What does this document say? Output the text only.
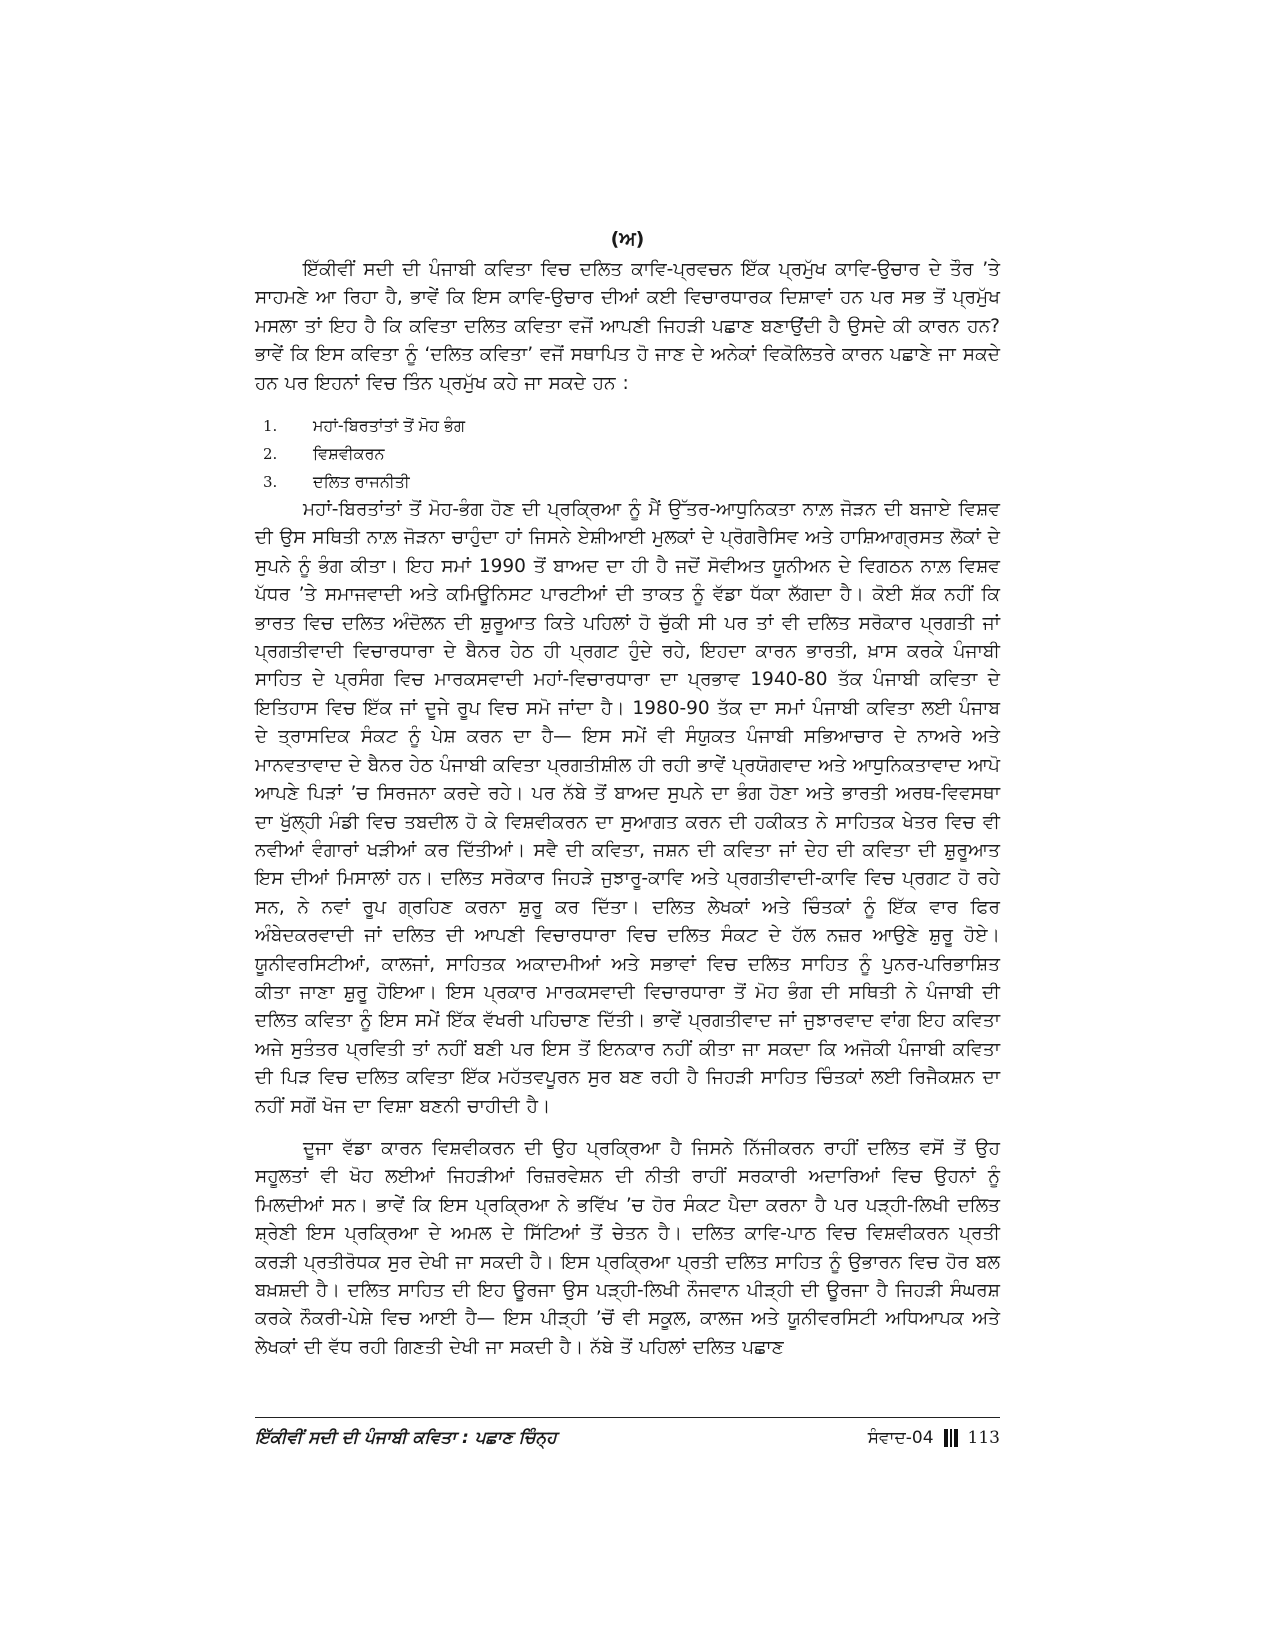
(ਅ)

ਇੱਕੀਵੀਂ ਸਦੀ ਦੀ ਪੰਜਾਬੀ ਕਵਿਤਾ ਵਿਚ ਦਲਿਤ ਕਾਵਿ-ਪ੍ਰਵਚਨ ਇੱਕ ਪ੍ਰਮੁੱਖ ਕਾਵਿ-ਉਚਾਰ ਦੇ ਤੌਰ ’ਤੇ ਸਾਹਮਣੇ ਆ ਰਿਹਾ ਹੈ, ਭਾਵੇਂ ਕਿ ਇਸ ਕਾਵਿ-ਉਚਾਰ ਦੀਆਂ ਕਈ ਵਿਚਾਰਧਾਰਕ ਦਿਸ਼ਾਵਾਂ ਹਨ ਪਰ ਸਭ ਤੋਂ ਪ੍ਰਮੁੱਖ ਮਸਲਾ ਤਾਂ ਇਹ ਹੈ ਕਿ ਕਵਿਤਾ ਦਲਿਤ ਕਵਿਤਾ ਵਜੋਂ ਆਪਣੀ ਜਿਹੜੀ ਪਛਾਣ ਬਣਾਉਂਦੀ ਹੈ ਉਸਦੇ ਕੀ ਕਾਰਨ ਹਨ? ਭਾਵੇਂ ਕਿ ਇਸ ਕਵਿਤਾ ਨੂੰ ‘ਦਲਿਤ ਕਵਿਤਾ’ ਵਜੋਂ ਸਥਾਪਿਤ ਹੋ ਜਾਣ ਦੇ ਅਨੇਕਾਂ ਵਿਕੋਲਿਤਰੇ ਕਾਰਨ ਪਛਾਣੇ ਜਾ ਸਕਦੇ ਹਨ ਪਰ ਇਹਨਾਂ ਵਿਚ ਤਿੰਨ ਪ੍ਰਮੁੱਖ ਕਹੇ ਜਾ ਸਕਦੇ ਹਨ :

1.	ਮਹਾਂ-ਬਿਰਤਾਂਤਾਂ ਤੋਂ ਮੋਹ ਭੰਗ
2.	ਵਿਸ਼ਵੀਕਰਨ
3.	ਦਲਿਤ ਰਾਜਨੀਤੀ

ਮਹਾਂ-ਬਿਰਤਾਂਤਾਂ ਤੋਂ ਮੋਹ-ਭੰਗ ਹੋਣ ਦੀ ਪ੍ਰਕ੍ਰਿਆ ਨੂੰ ਮੈਂ ਉੱਤਰ-ਆਧੁਨਿਕਤਾ ਨਾਲ਼ ਜੋੜਨ ਦੀ ਬਜਾਏ ਵਿਸ਼ਵ ਦੀ ਉਸ ਸਥਿਤੀ ਨਾਲ਼ ਜੋੜਨਾ ਚਾਹੁੰਦਾ ਹਾਂ ਜਿਸਨੇ ਏਸ਼ੀਆਈ ਮੁਲਕਾਂ ਦੇ ਪ੍ਰੋਗਰੈਸਿਵ ਅਤੇ ਹਾਸ਼ਿਆਗ੍ਰਸਤ ਲੋਕਾਂ ਦੇ ਸੁਪਨੇ ਨੂੰ ਭੰਗ ਕੀਤਾ। ਇਹ ਸਮਾਂ 1990 ਤੋਂ ਬਾਅਦ ਦਾ ਹੀ ਹੈ ਜਦੋਂ ਸੋਵੀਅਤ ਯੂਨੀਅਨ ਦੇ ਵਿਗਠਨ ਨਾਲ਼ ਵਿਸ਼ਵ ਪੱਧਰ ’ਤੇ ਸਮਾਜਵਾਦੀ ਅਤੇ ਕਮਿਊਨਿਸਟ ਪਾਰਟੀਆਂ ਦੀ ਤਾਕਤ ਨੂੰ ਵੱਡਾ ਧੱਕਾ ਲੱਗਦਾ ਹੈ। ਕੋਈ ਸ਼ੱਕ ਨਹੀਂ ਕਿ ਭਾਰਤ ਵਿਚ ਦਲਿਤ ਅੰਦੋਲਨ ਦੀ ਸ਼ੁਰੂਆਤ ਕਿਤੇ ਪਹਿਲਾਂ ਹੋ ਚੁੱਕੀ ਸੀ ਪਰ ਤਾਂ ਵੀ ਦਲਿਤ ਸਰੋਕਾਰ ਪ੍ਰਗਤੀ ਜਾਂ ਪ੍ਰਗਤੀਵਾਦੀ ਵਿਚਾਰਧਾਰਾ ਦੇ ਬੈਨਰ ਹੇਠ ਹੀ ਪ੍ਰਗਟ ਹੁੰਦੇ ਰਹੇ, ਇਹਦਾ ਕਾਰਨ ਭਾਰਤੀ, ਖ਼ਾਸ ਕਰਕੇ ਪੰਜਾਬੀ ਸਾਹਿਤ ਦੇ ਪ੍ਰਸੰਗ ਵਿਚ ਮਾਰਕਸਵਾਦੀ ਮਹਾਂ-ਵਿਚਾਰਧਾਰਾ ਦਾ ਪ੍ਰਭਾਵ 1940-80 ਤੱਕ ਪੰਜਾਬੀ ਕਵਿਤਾ ਦੇ ਇਤਿਹਾਸ ਵਿਚ ਇੱਕ ਜਾਂ ਦੂਜੇ ਰੂਪ ਵਿਚ ਸਮੋ ਜਾਂਦਾ ਹੈ। 1980-90 ਤੱਕ ਦਾ ਸਮਾਂ ਪੰਜਾਬੀ ਕਵਿਤਾ ਲਈ ਪੰਜਾਬ ਦੇ ਤ੍ਰਾਸਦਿਕ ਸੰਕਟ ਨੂੰ ਪੇਸ਼ ਕਰਨ ਦਾ ਹੈ— ਇਸ ਸਮੇਂ ਵੀ ਸੰਯੁਕਤ ਪੰਜਾਬੀ ਸਭਿਆਚਾਰ ਦੇ ਨਾਅਰੇ ਅਤੇ ਮਾਨਵਤਾਵਾਦ ਦੇ ਬੈਨਰ ਹੇਠ ਪੰਜਾਬੀ ਕਵਿਤਾ ਪ੍ਰਗਤੀਸ਼ੀਲ ਹੀ ਰਹੀ ਭਾਵੇਂ ਪ੍ਰਯੋਗਵਾਦ ਅਤੇ ਆਧੁਨਿਕਤਾਵਾਦ ਆਪੋ ਆਪਣੇ ਪਿੜਾਂ ’ਚ ਸਿਰਜਨਾ ਕਰਦੇ ਰਹੇ। ਪਰ ਨੱਬੇ ਤੋਂ ਬਾਅਦ ਸੁਪਨੇ ਦਾ ਭੰਗ ਹੋਣਾ ਅਤੇ ਭਾਰਤੀ ਅਰਥ-ਵਿਵਸਥਾ ਦਾ ਖੁੱਲ੍ਹੀ ਮੰਡੀ ਵਿਚ ਤਬਦੀਲ ਹੋ ਕੇ ਵਿਸ਼ਵੀਕਰਨ ਦਾ ਸੁਆਗਤ ਕਰਨ ਦੀ ਹਕੀਕਤ ਨੇ ਸਾਹਿਤਕ ਖੇਤਰ ਵਿਚ ਵੀ ਨਵੀਆਂ ਵੰਗਾਰਾਂ ਖੜੀਆਂ ਕਰ ਦਿੱਤੀਆਂ। ਸਵੈ ਦੀ ਕਵਿਤਾ, ਜਸ਼ਨ ਦੀ ਕਵਿਤਾ ਜਾਂ ਦੇਹ ਦੀ ਕਵਿਤਾ ਦੀ ਸ਼ੁਰੂਆਤ ਇਸ ਦੀਆਂ ਮਿਸਾਲਾਂ ਹਨ। ਦਲਿਤ ਸਰੋਕਾਰ ਜਿਹੜੇ ਜੁਝਾਰੂ-ਕਾਵਿ ਅਤੇ ਪ੍ਰਗਤੀਵਾਦੀ-ਕਾਵਿ ਵਿਚ ਪ੍ਰਗਟ ਹੋ ਰਹੇ ਸਨ, ਨੇ ਨਵਾਂ ਰੂਪ ਗ੍ਰਹਿਣ ਕਰਨਾ ਸ਼ੁਰੂ ਕਰ ਦਿੱਤਾ। ਦਲਿਤ ਲੇਖਕਾਂ ਅਤੇ ਚਿੰਤਕਾਂ ਨੂੰ ਇੱਕ ਵਾਰ ਫਿਰ ਅੰਬੇਦਕਰਵਾਦੀ ਜਾਂ ਦਲਿਤ ਦੀ ਆਪਣੀ ਵਿਚਾਰਧਾਰਾ ਵਿਚ ਦਲਿਤ ਸੰਕਟ ਦੇ ਹੱਲ ਨਜ਼ਰ ਆਉਣੇ ਸ਼ੁਰੂ ਹੋਏ। ਯੂਨੀਵਰਸਿਟੀਆਂ, ਕਾਲਜਾਂ, ਸਾਹਿਤਕ ਅਕਾਦਮੀਆਂ ਅਤੇ ਸਭਾਵਾਂ ਵਿਚ ਦਲਿਤ ਸਾਹਿਤ ਨੂੰ ਪੁਨਰ-ਪਰਿਭਾਸ਼ਿਤ ਕੀਤਾ ਜਾਣਾ ਸ਼ੁਰੂ ਹੋਇਆ। ਇਸ ਪ੍ਰਕਾਰ ਮਾਰਕਸਵਾਦੀ ਵਿਚਾਰਧਾਰਾ ਤੋਂ ਮੋਹ ਭੰਗ ਦੀ ਸਥਿਤੀ ਨੇ ਪੰਜਾਬੀ ਦੀ ਦਲਿਤ ਕਵਿਤਾ ਨੂੰ ਇਸ ਸਮੇਂ ਇੱਕ ਵੱਖਰੀ ਪਹਿਚਾਣ ਦਿੱਤੀ। ਭਾਵੇਂ ਪ੍ਰਗਤੀਵਾਦ ਜਾਂ ਜੁਝਾਰਵਾਦ ਵਾਂਗ ਇਹ ਕਵਿਤਾ ਅਜੇ ਸੁਤੰਤਰ ਪ੍ਰਵਿਤੀ ਤਾਂ ਨਹੀਂ ਬਣੀ ਪਰ ਇਸ ਤੋਂ ਇਨਕਾਰ ਨਹੀਂ ਕੀਤਾ ਜਾ ਸਕਦਾ ਕਿ ਅਜੋਕੀ ਪੰਜਾਬੀ ਕਵਿਤਾ ਦੀ ਪਿੜ ਵਿਚ ਦਲਿਤ ਕਵਿਤਾ ਇੱਕ ਮਹੱਤਵਪੂਰਨ ਸੁਰ ਬਣ ਰਹੀ ਹੈ ਜਿਹੜੀ ਸਾਹਿਤ ਚਿੰਤਕਾਂ ਲਈ ਰਿਜੈਕਸ਼ਨ ਦਾ ਨਹੀਂ ਸਗੋਂ ਖੋਜ ਦਾ ਵਿਸ਼ਾ ਬਣਨੀ ਚਾਹੀਦੀ ਹੈ।

ਦੂਜਾ ਵੱਡਾ ਕਾਰਨ ਵਿਸ਼ਵੀਕਰਨ ਦੀ ਉਹ ਪ੍ਰਕ੍ਰਿਆ ਹੈ ਜਿਸਨੇ ਨਿੱਜੀਕਰਨ ਰਾਹੀਂ ਦਲਿਤ ਵਸੋਂ ਤੋਂ ਉਹ ਸਹੂਲਤਾਂ ਵੀ ਖੋਹ ਲਈਆਂ ਜਿਹੜੀਆਂ ਰਿਜ਼ਰਵੇਸ਼ਨ ਦੀ ਨੀਤੀ ਰਾਹੀਂ ਸਰਕਾਰੀ ਅਦਾਰਿਆਂ ਵਿਚ ਉਹਨਾਂ ਨੂੰ ਮਿਲਦੀਆਂ ਸਨ। ਭਾਵੇਂ ਕਿ ਇਸ ਪ੍ਰਕ੍ਰਿਆ ਨੇ ਭਵਿੱਖ ’ਚ ਹੋਰ ਸੰਕਟ ਪੈਦਾ ਕਰਨਾ ਹੈ ਪਰ ਪੜ੍ਹੀ-ਲਿਖੀ ਦਲਿਤ ਸ਼੍ਰੇਣੀ ਇਸ ਪ੍ਰਕ੍ਰਿਆ ਦੇ ਅਮਲ ਦੇ ਸਿੱਟਿਆਂ ਤੋਂ ਚੇਤਨ ਹੈ। ਦਲਿਤ ਕਾਵਿ-ਪਾਠ ਵਿਚ ਵਿਸ਼ਵੀਕਰਨ ਪ੍ਰਤੀ ਕਰੜੀ ਪ੍ਰਤੀਰੋਧਕ ਸੁਰ ਦੇਖੀ ਜਾ ਸਕਦੀ ਹੈ। ਇਸ ਪ੍ਰਕ੍ਰਿਆ ਪ੍ਰਤੀ ਦਲਿਤ ਸਾਹਿਤ ਨੂੰ ਉਭਾਰਨ ਵਿਚ ਹੋਰ ਬਲ ਬਖ਼ਸ਼ਦੀ ਹੈ। ਦਲਿਤ ਸਾਹਿਤ ਦੀ ਇਹ ਊਰਜਾ ਉਸ ਪੜ੍ਹੀ-ਲਿਖੀ ਨੌਜਵਾਨ ਪੀੜ੍ਹੀ ਦੀ ਊਰਜਾ ਹੈ ਜਿਹੜੀ ਸੰਘਰਸ਼ ਕਰਕੇ ਨੌਕਰੀ-ਪੇਸ਼ੇ ਵਿਚ ਆਈ ਹੈ— ਇਸ ਪੀੜ੍ਹੀ ’ਚੋਂ ਵੀ ਸਕੂਲ, ਕਾਲਜ ਅਤੇ ਯੂਨੀਵਰਸਿਟੀ ਅਧਿਆਪਕ ਅਤੇ ਲੇਖਕਾਂ ਦੀ ਵੱਧ ਰਹੀ ਗਿਣਤੀ ਦੇਖੀ ਜਾ ਸਕਦੀ ਹੈ। ਨੱਬੇ ਤੋਂ ਪਹਿਲਾਂ ਦਲਿਤ ਪਛਾਣ

ਇੱਕੀਵੀਂ ਸਦੀ ਦੀ ਪੰਜਾਬੀ ਕਵਿਤਾ : ਪਛਾਣ ਚਿੰਨ੍ਹ	ਸੰਵਾਦ-04 113
